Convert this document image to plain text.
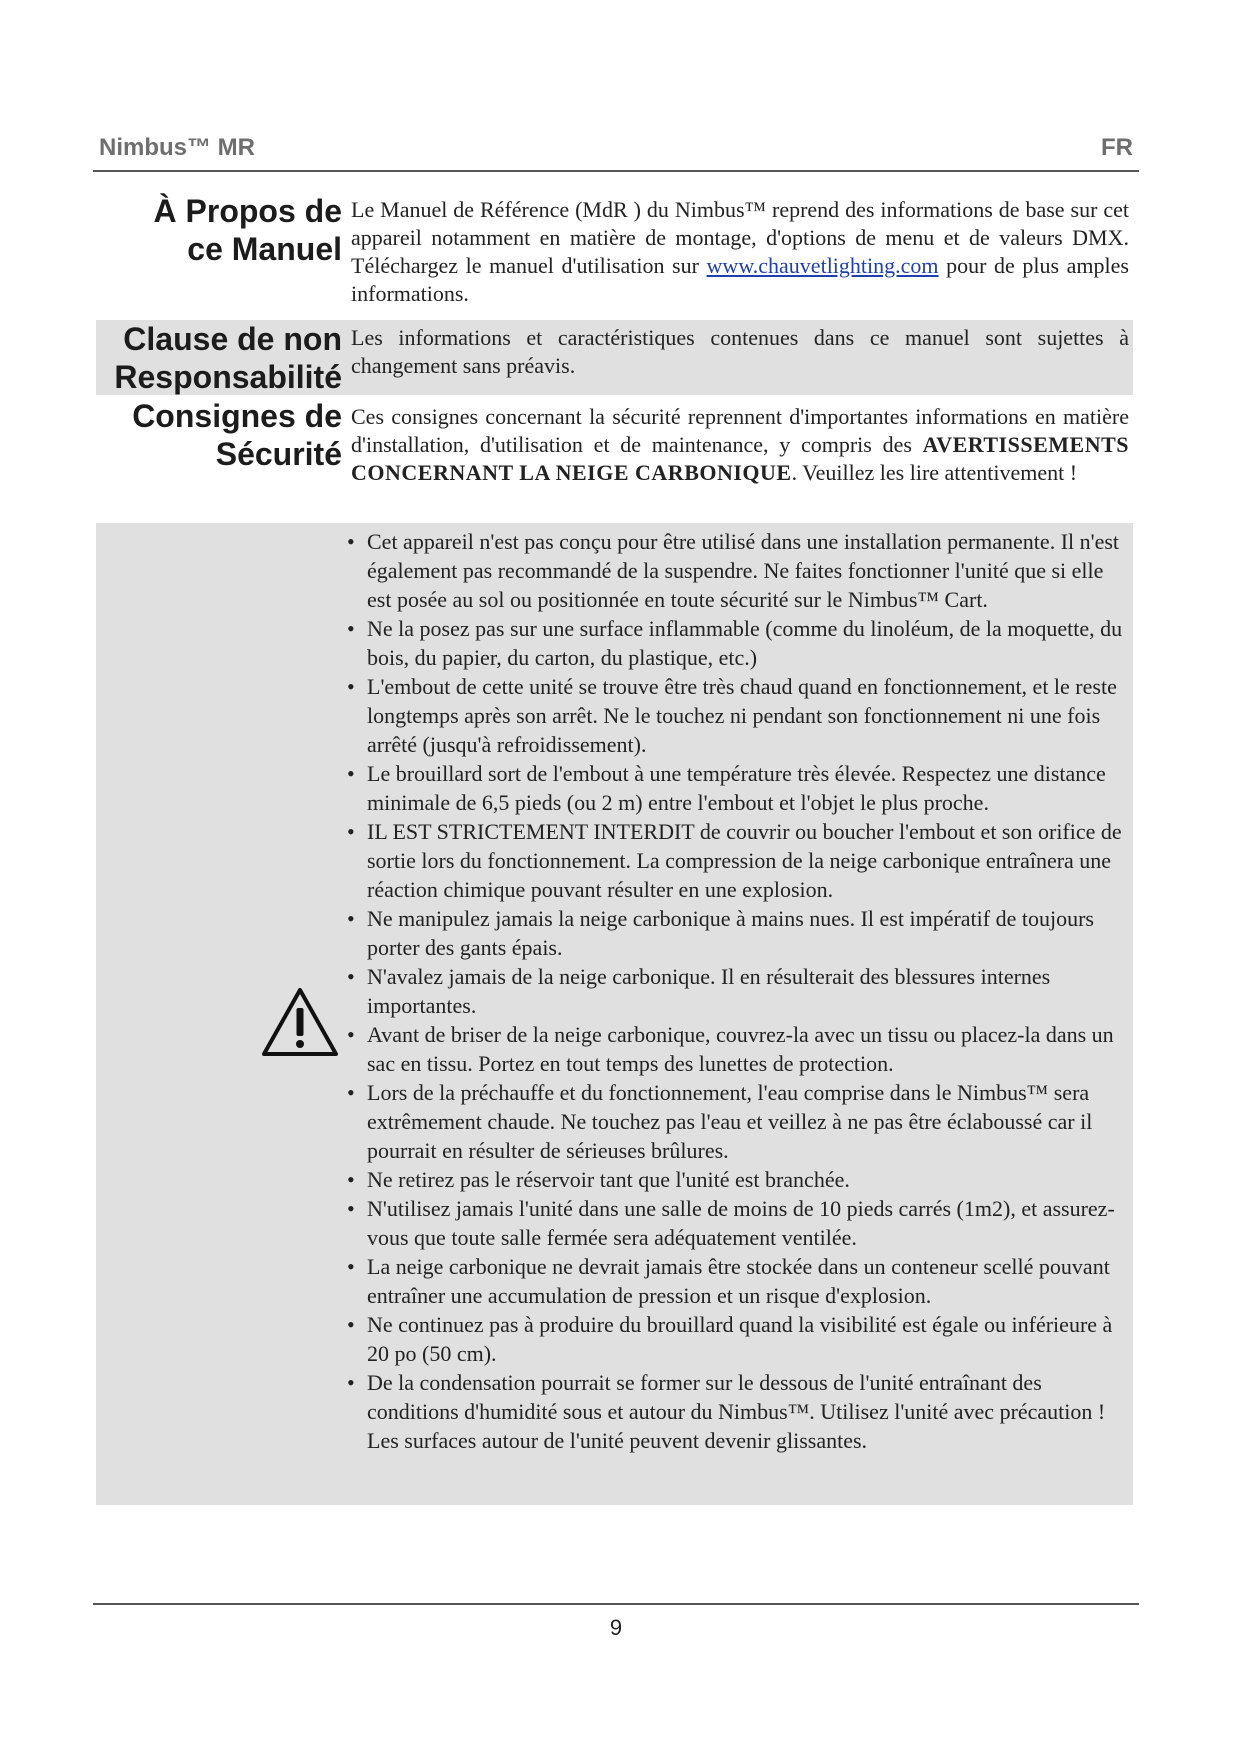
Nimbus™ MR	FR
À Propos de
ce Manuel
Le Manuel de Référence (MdR ) du Nimbus™ reprend des informations de base sur cet appareil notamment en matière de montage, d'options de menu et de valeurs DMX. Téléchargez le manuel d'utilisation sur www.chauvetlighting.com pour de plus amples informations.
Clause de non
Responsabilité
Les informations et caractéristiques contenues dans ce manuel sont sujettes à changement sans préavis.
Consignes de
Sécurité
Ces consignes concernant la sécurité reprennent d'importantes informations en matière d'installation, d'utilisation et de maintenance, y compris des AVERTISSEMENTS CONCERNANT LA NEIGE CARBONIQUE. Veuillez les lire attentivement !
• Cet appareil n'est pas conçu pour être utilisé dans une installation permanente. Il n'est également pas recommandé de la suspendre. Ne faites fonctionner l'unité que si elle est posée au sol ou positionnée en toute sécurité sur le Nimbus™ Cart.
• Ne la posez pas sur une surface inflammable (comme du linoléum, de la moquette, du bois, du papier, du carton, du plastique, etc.)
• L'embout de cette unité se trouve être très chaud quand en fonctionnement, et le reste longtemps après son arrêt. Ne le touchez ni pendant son fonctionnement ni une fois arrêté (jusqu'à refroidissement).
• Le brouillard sort de l'embout à une température très élevée. Respectez une distance minimale de 6,5 pieds (ou 2 m) entre l'embout et l'objet le plus proche.
• IL EST STRICTEMENT INTERDIT de couvrir ou boucher l'embout et son orifice de sortie lors du fonctionnement. La compression de la neige carbonique entraînera une réaction chimique pouvant résulter en une explosion.
• Ne manipulez jamais la neige carbonique à mains nues. Il est impératif de toujours porter des gants épais.
• N'avalez jamais de la neige carbonique. Il en résulterait des blessures internes importantes.
• Avant de briser de la neige carbonique, couvrez-la avec un tissu ou placez-la dans un sac en tissu. Portez en tout temps des lunettes de protection.
• Lors de la préchauffe et du fonctionnement, l'eau comprise dans le Nimbus™ sera extrêmement chaude. Ne touchez pas l'eau et veillez à ne pas être éclaboussé car il pourrait en résulter de sérieuses brûlures.
• Ne retirez pas le réservoir tant que l'unité est branchée.
• N'utilisez jamais l'unité dans une salle de moins de 10 pieds carrés (1m2), et assurez-vous que toute salle fermée sera adéquatement ventilée.
• La neige carbonique ne devrait jamais être stockée dans un conteneur scellé pouvant entraîner une accumulation de pression et un risque d'explosion.
• Ne continuez pas à produire du brouillard quand la visibilité est égale ou inférieure à 20 po (50 cm).
• De la condensation pourrait se former sur le dessous de l'unité entraînant des conditions d'humidité sous et autour du Nimbus™. Utilisez l'unité avec précaution ! Les surfaces autour de l'unité peuvent devenir glissantes.
9
